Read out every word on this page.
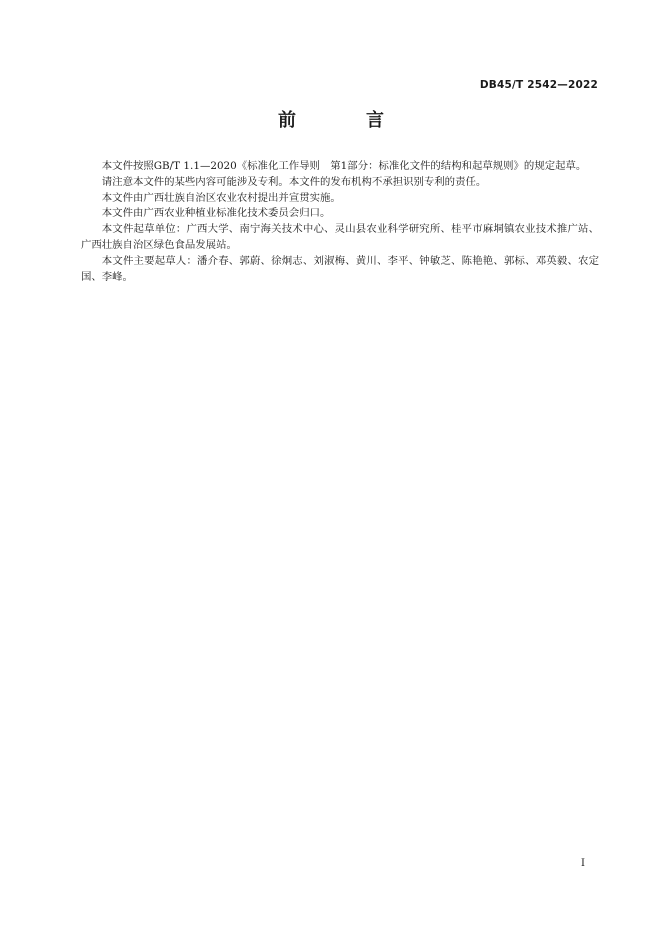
DB45/T 2542—2022
前　言

本文件按照GB/T 1.1—2020《标准化工作导则　第1部分：标准化文件的结构和起草规则》的规定起草。

请注意本文件的某些内容可能涉及专利。本文件的发布机构不承担识别专利的责任。

本文件由广西壮族自治区农业农村提出并宣贯实施。

本文件由广西农业种植业标准化技术委员会归口。

本文件起草单位：广西大学、南宁海关技术中心、灵山县农业科学研究所、桂平市麻垌镇农业技术推广站、广西壮族自治区绿色食品发展站。

本文件主要起草人：潘介春、郭蔚、徐炯志、刘淑梅、黄川、李平、钟敏芝、陈艳艳、郭标、邓英毅、农定国、李峰。

I
